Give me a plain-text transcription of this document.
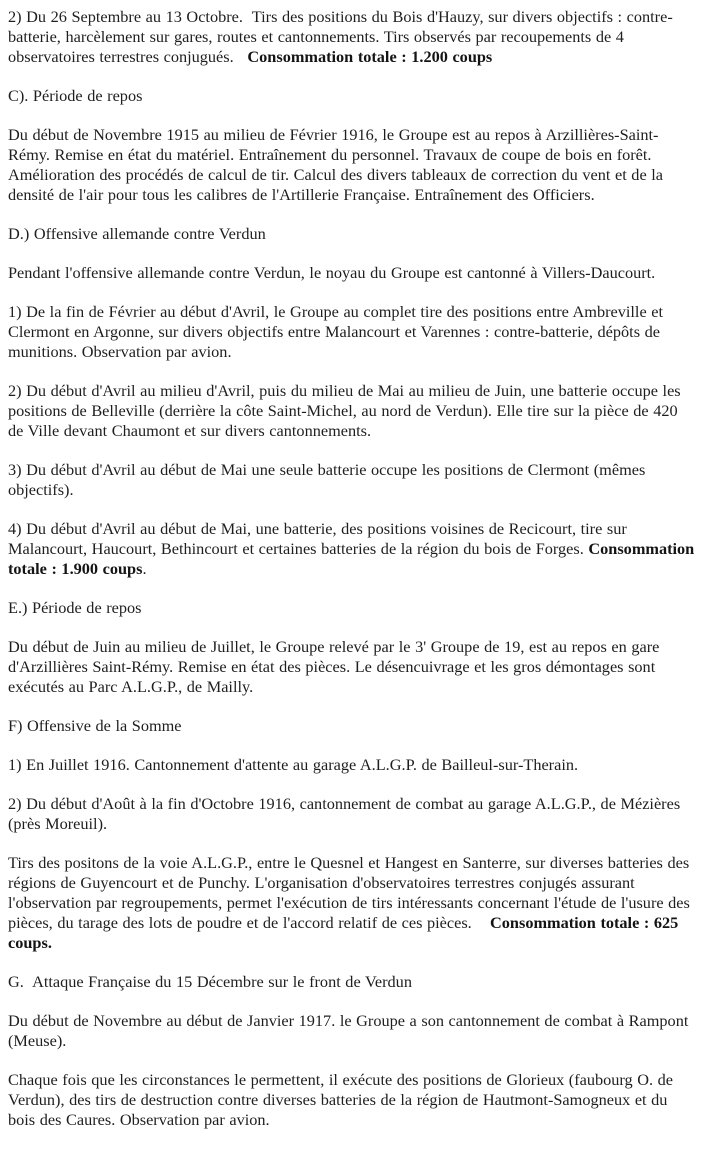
2) Du 26 Septembre au 13 Octobre.  Tirs des positions du Bois d'Hauzy, sur divers objectifs : contre-batterie, harcèlement sur gares, routes et cantonnements. Tirs observés par recoupements de 4 observatoires terrestres conjugués.   Consommation totale : 1.200 coups

C). Période de repos

Du début de Novembre 1915 au milieu de Février 1916, le Groupe est au repos à Arzillières-Saint-Rémy. Remise en état du matériel. Entraînement du personnel. Travaux de coupe de bois en forêt. Amélioration des procédés de calcul de tir. Calcul des divers tableaux de correction du vent et de la densité de l'air pour tous les calibres de l'Artillerie Française. Entraînement des Officiers.

D.) Offensive allemande contre Verdun

Pendant l'offensive allemande contre Verdun, le noyau du Groupe est cantonné à Villers-Daucourt.

1) De la fin de Février au début d'Avril, le Groupe au complet tire des positions entre Ambreville et Clermont en Argonne, sur divers objectifs entre Malancourt et Varennes : contre-batterie, dépôts de munitions. Observation par avion.

2) Du début d'Avril au milieu d'Avril, puis du milieu de Mai au milieu de Juin, une batterie occupe les positions de Belleville (derrière la côte Saint-Michel, au nord de Verdun). Elle tire sur la pièce de 420 de Ville devant Chaumont et sur divers cantonnements.

3) Du début d'Avril au début de Mai une seule batterie occupe les positions de Clermont (mêmes objectifs).

4) Du début d'Avril au début de Mai, une batterie, des positions voisines de Recicourt, tire sur Malancourt, Haucourt, Bethincourt et certaines batteries de la région du bois de Forges. Consommation totale : 1.900 coups.

E.) Période de repos

Du début de Juin au milieu de Juillet, le Groupe relevé par le 3' Groupe de 19, est au repos en gare d'Arzillières Saint-Rémy. Remise en état des pièces. Le désencuivrage et les gros démontages sont exécutés au Parc A.L.G.P., de Mailly.

F) Offensive de la Somme

1) En Juillet 1916. Cantonnement d'attente au garage A.L.G.P. de Bailleul-sur-Therain.

2) Du début d'Août à la fin d'Octobre 1916, cantonnement de combat au garage A.L.G.P., de Mézières (près Moreuil).

Tirs des positons de la voie A.L.G.P., entre le Quesnel et Hangest en Santerre, sur diverses batteries des régions de Guyencourt et de Punchy. L'organisation d'observatoires terrestres conjugés assurant l'observation par regroupements, permet l'exécution de tirs intéressants concernant l'étude de l'usure des pièces, du tarage des lots de poudre et de l'accord relatif de ces pièces.    Consommation totale : 625 coups.

G.  Attaque Française du 15 Décembre sur le front de Verdun

Du début de Novembre au début de Janvier 1917. le Groupe a son cantonnement de combat à Rampont (Meuse).

Chaque fois que les circonstances le permettent, il exécute des positions de Glorieux (faubourg O. de Verdun), des tirs de destruction contre diverses batteries de la région de Hautmont-Samogneux et du bois des Caures. Observation par avion.
